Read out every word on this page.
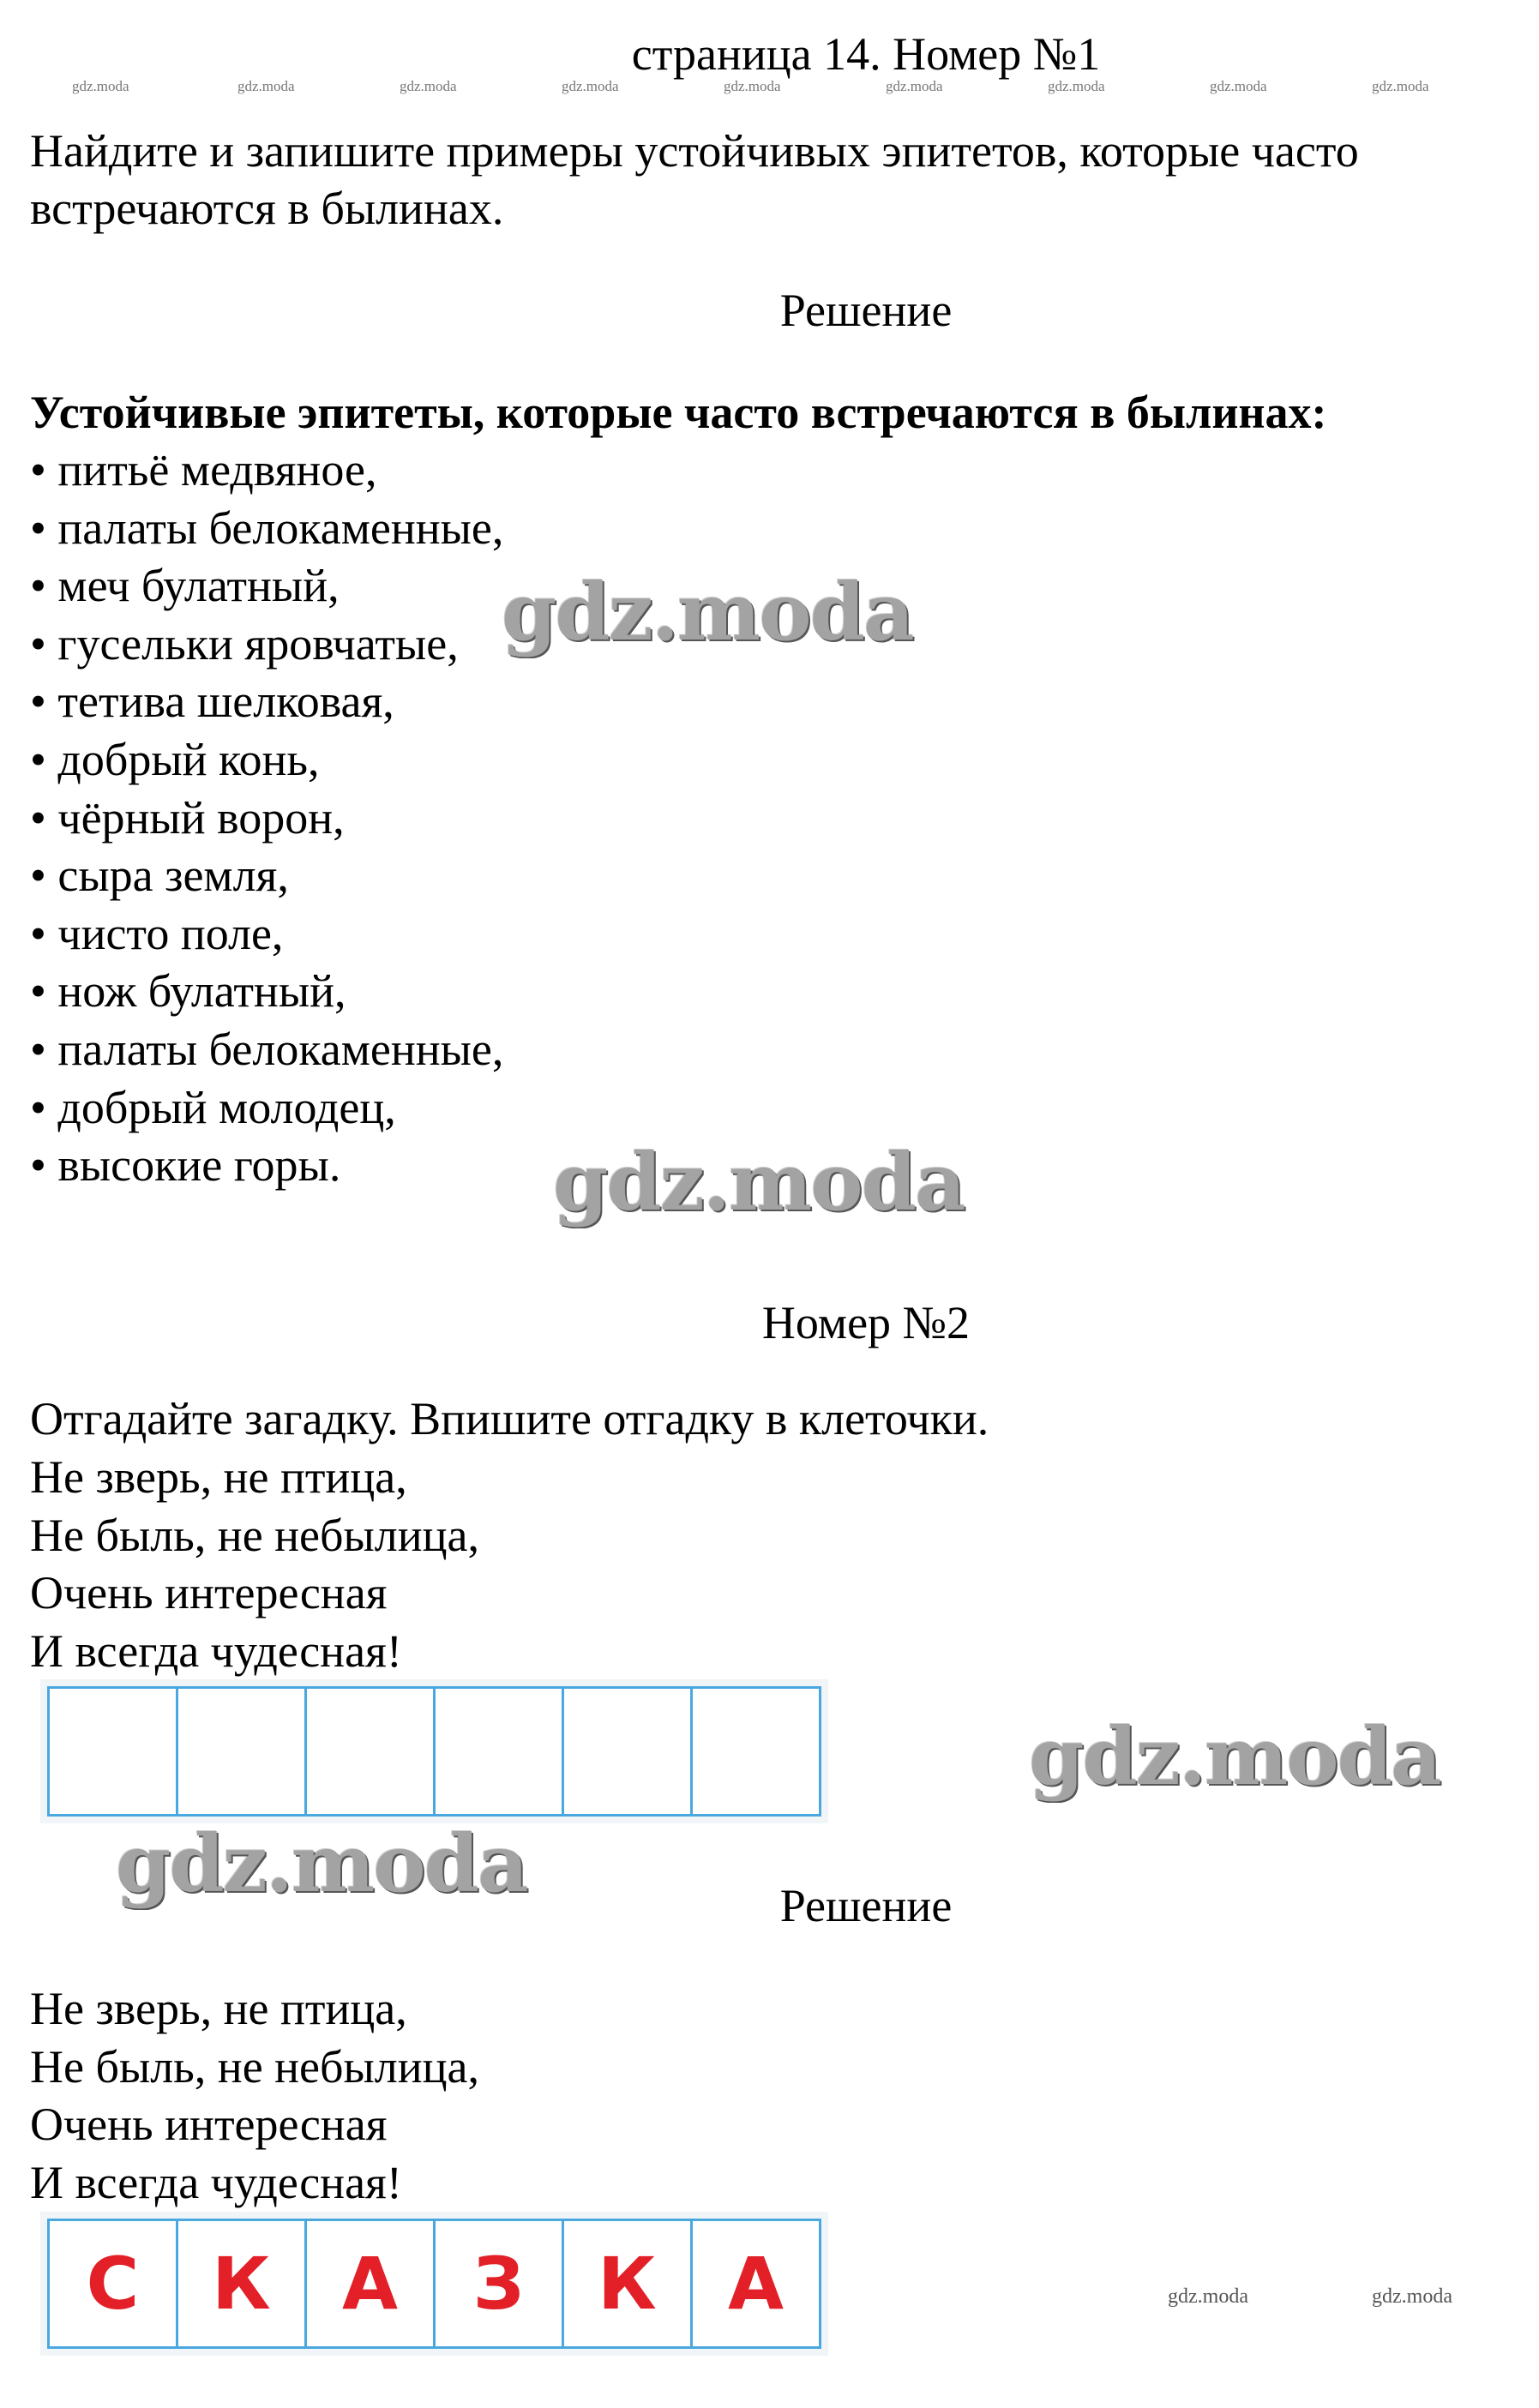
страница 14. Номер №1
gdz.moda	gdz.moda	gdz.moda	gdz.moda	gdz.moda	gdz.moda	gdz.moda	gdz.moda	gdz.moda
Найдите и запишите примеры устойчивых эпитетов, которые часто
встречаются в былинах.
Решение
Устойчивые эпитеты, которые часто встречаются в былинах:
• питьё медвяное,
• палаты белокаменные,
• меч булатный,
• гусельки яровчатые,
• тетива шелковая,
• добрый конь,
• чёрный ворон,
• сыра земля,
• чисто поле,
• нож булатный,
• палаты белокаменные,
• добрый молодец,
• высокие горы.
gdz.moda
gdz.moda
Номер №2
Отгадайте загадку. Впишите отгадку в клеточки.
Не зверь, не птица,
Не быль, не небылица,
Очень интересная
И всегда чудесная!
gdz.moda
gdz.moda	Решение
Не зверь, не птица,
Не быль, не небылица,
Очень интересная
И всегда чудесная!
С	К А	З	К А	gdz.moda	gdz.moda
